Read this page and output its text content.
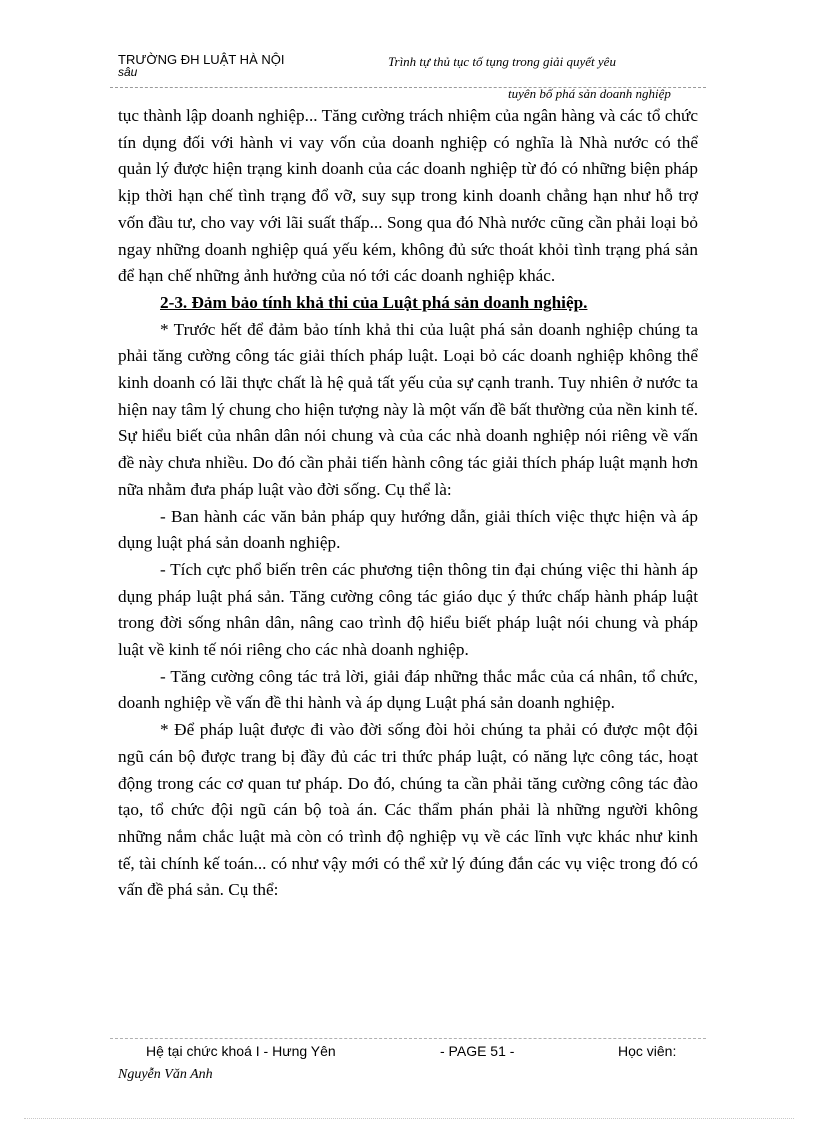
TRƯỜNG ĐH LUẬT HÀ NỘI
sâu
Trình tự thủ tục tố tụng trong giải quyết yêu
tuyên bố phá sản doanh nghiệp

tục thành lập doanh nghiệp... Tăng cường trách nhiệm của ngân hàng và các tổ chức tín dụng đối với hành vi vay vốn của doanh nghiệp có nghĩa là Nhà nước có thể quản lý được hiện trạng kinh doanh của các doanh nghiệp từ đó có những biện pháp kịp thời hạn chế tình trạng đổ vỡ, suy sụp trong kinh doanh chẳng hạn như hỗ trợ vốn đầu tư, cho vay với lãi suất thấp... Song qua đó Nhà nước cũng cần phải loại bỏ ngay những doanh nghiệp quá yếu kém, không đủ sức thoát khỏi tình trạng phá sản để hạn chế những ảnh hưởng của nó tới các doanh nghiệp khác.

2-3. Đảm bảo tính khả thi của Luật phá sản doanh nghiệp.

* Trước hết để đảm bảo tính khả thi của luật phá sản doanh nghiệp chúng ta phải tăng cường công tác giải thích pháp luật. Loại bỏ các doanh nghiệp không thể kinh doanh có lãi thực chất là hệ quả tất yếu của sự cạnh tranh. Tuy nhiên ở nước ta hiện nay tâm lý chung cho hiện tượng này là một vấn đề bất thường của nền kinh tế. Sự hiểu biết của nhân dân nói chung và của các nhà doanh nghiệp nói riêng về vấn đề này chưa nhiều. Do đó cần phải tiến hành công tác giải thích pháp luật mạnh hơn nữa nhằm đưa pháp luật vào đời sống. Cụ thể là:

- Ban hành các văn bản pháp quy hướng dẫn, giải thích việc thực hiện và áp dụng luật phá sản doanh nghiệp.

- Tích cực phổ biến trên các phương tiện thông tin đại chúng việc thi hành áp dụng pháp luật phá sản. Tăng cường công tác giáo dục ý thức chấp hành pháp luật trong đời sống nhân dân, nâng cao trình độ hiểu biết pháp luật nói chung và pháp luật về kinh tế nói riêng cho các nhà doanh nghiệp.

- Tăng cường công tác trả lời, giải đáp những thắc mắc của cá nhân, tổ chức, doanh nghiệp về vấn đề thi hành và áp dụng Luật phá sản doanh nghiệp.

* Để pháp luật được đi vào đời sống đòi hỏi chúng ta phải có được một đội ngũ cán bộ được trang bị đầy đủ các tri thức pháp luật, có năng lực công tác, hoạt động trong các cơ quan tư pháp. Do đó, chúng ta cần phải tăng cường công tác đào tạo, tổ chức đội ngũ cán bộ toà án. Các thẩm phán phải là những người không những nắm chắc luật mà còn có trình độ nghiệp vụ về các lĩnh vực khác như kinh tế, tài chính kế toán... có như vậy mới có thể xử lý đúng đắn các vụ việc trong đó có vấn đề phá sản. Cụ thể:

Hệ tại chức khoá I - Hưng Yên	- PAGE 51 -	Học viên:
Nguyễn Văn Anh
